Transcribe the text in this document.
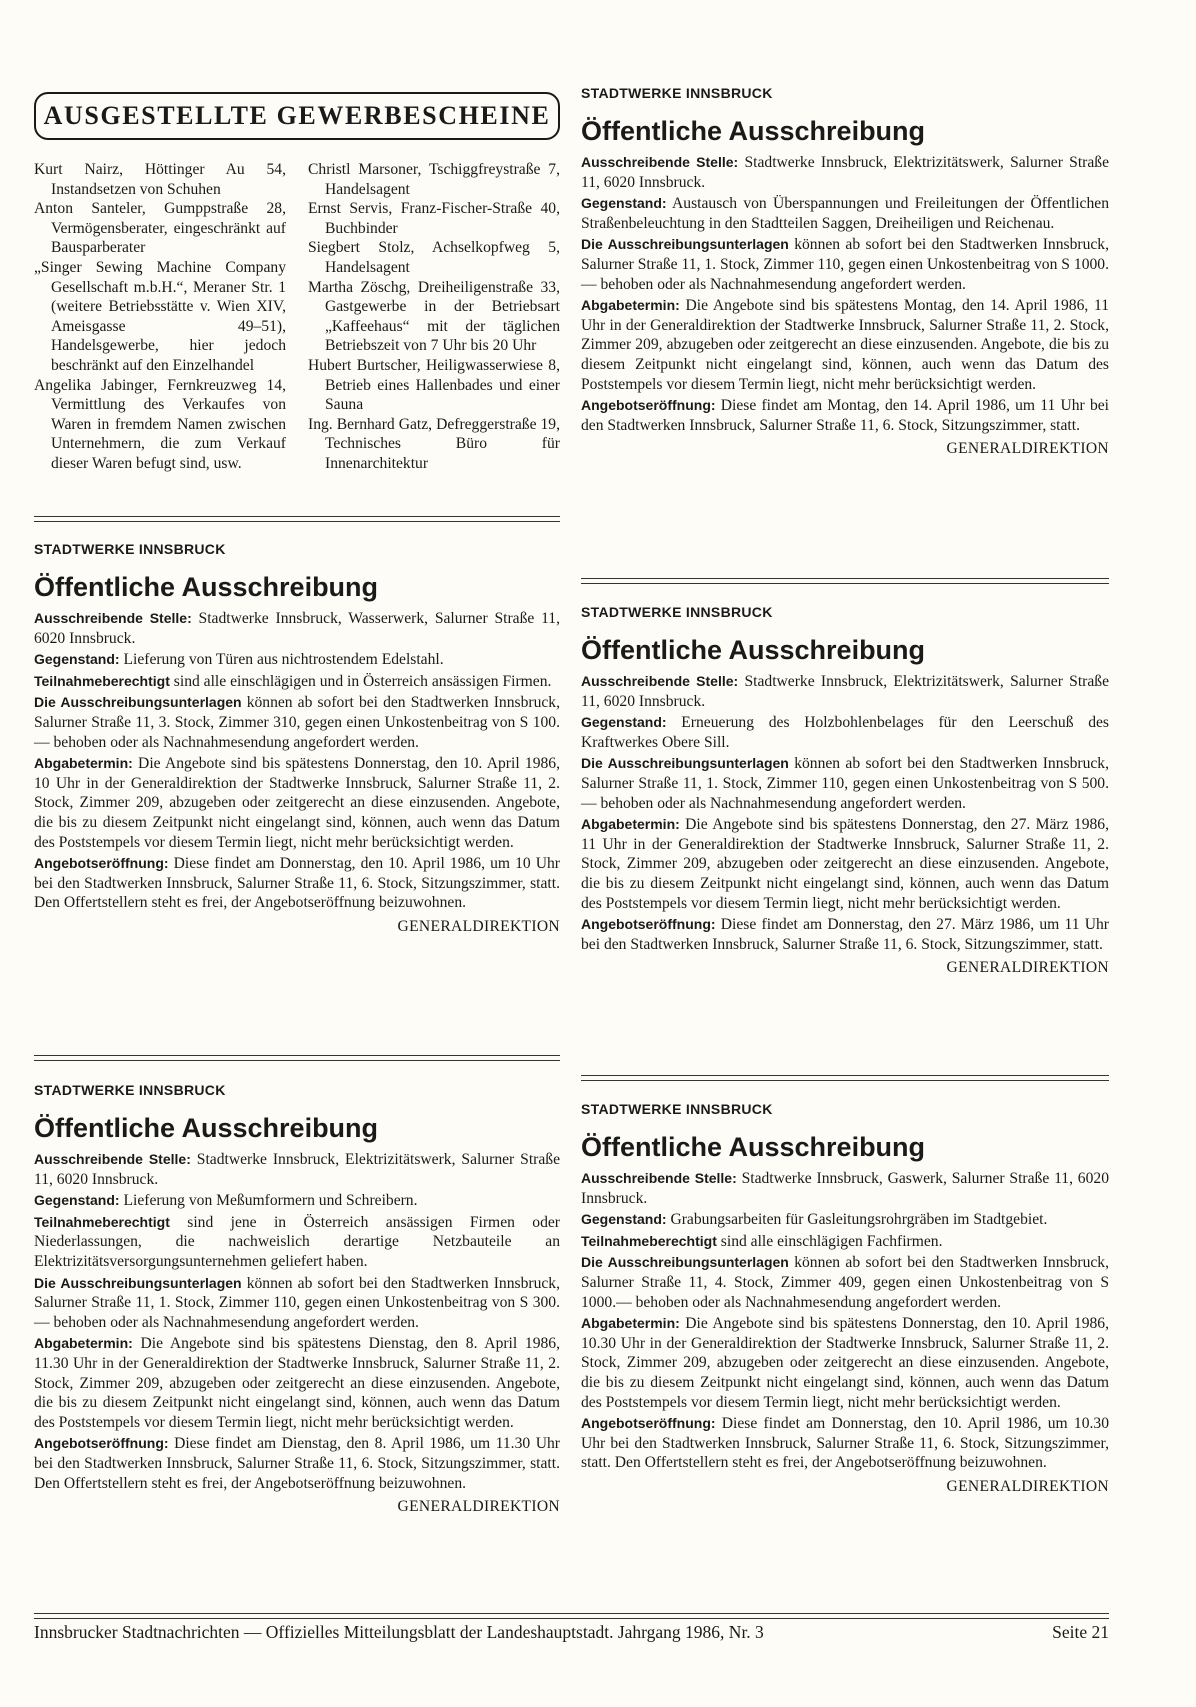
AUSGESTELLTE GEWERBESCHEINE
Kurt Nairz, Höttinger Au 54, Instandsetzen von Schuhen
Anton Santeler, Gumppstraße 28, Vermögensberater, eingeschränkt auf Bausparberater
„Singer Sewing Machine Company Gesellschaft m.b.H.“, Meraner Str. 1 (weitere Betriebsstätte v. Wien XIV, Ameisgasse 49–51), Handelsgewerbe, hier jedoch beschränkt auf den Einzelhandel
Angelika Jabinger, Fernkreuzweg 14, Vermittlung des Verkaufes von Waren in fremdem Namen zwischen Unternehmern, die zum Verkauf dieser Waren befugt sind, usw.
Christl Marsoner, Tschiggfreystraße 7, Handelsagent
Ernst Servis, Franz-Fischer-Straße 40, Buchbinder
Siegbert Stolz, Achselkopfweg 5, Handelsagent
Martha Zöschg, Dreiheiligenstraße 33, Gastgewerbe in der Betriebsart „Kaffeehaus“ mit der täglichen Betriebszeit von 7 Uhr bis 20 Uhr
Hubert Burtscher, Heiligwasserwiese 8, Betrieb eines Hallenbades und einer Sauna
Ing. Bernhard Gatz, Defreggerstraße 19, Technisches Büro für Innenarchitektur
STADTWERKE INNSBRUCK
Öffentliche Ausschreibung

Ausschreibende Stelle: Stadtwerke Innsbruck, Wasserwerk, Salurner Straße 11, 6020 Innsbruck.

Gegenstand: Lieferung von Türen aus nichtrostendem Edelstahl.

Teilnahmeberechtigt sind alle einschlägigen und in Österreich ansässigen Firmen.

Die Ausschreibungsunterlagen können ab sofort bei den Stadtwerken Innsbruck, Salurner Straße 11, 3. Stock, Zimmer 310, gegen einen Unkostenbeitrag von S 100.— behoben oder als Nachnahmesendung angefordert werden.

Abgabetermin: Die Angebote sind bis spätestens Donnerstag, den 10. April 1986, 10 Uhr in der Generaldirektion der Stadtwerke Innsbruck, Salurner Straße 11, 2. Stock, Zimmer 209, abzugeben oder zeitgerecht an diese einzusenden. Angebote, die bis zu diesem Zeitpunkt nicht eingelangt sind, können, auch wenn das Datum des Poststempels vor diesem Termin liegt, nicht mehr berücksichtigt werden.

Angebotseröffnung: Diese findet am Donnerstag, den 10. April 1986, um 10 Uhr bei den Stadtwerken Innsbruck, Salurner Straße 11, 6. Stock, Sitzungszimmer, statt. Den Offertstellern steht es frei, der Angebotseröffnung beizuwohnen.

GENERALDIREKTION
STADTWERKE INNSBRUCK
Öffentliche Ausschreibung

Ausschreibende Stelle: Stadtwerke Innsbruck, Elektrizitätswerk, Salurner Straße 11, 6020 Innsbruck.

Gegenstand: Lieferung von Meßumformern und Schreibern.

Teilnahmeberechtigt sind jene in Österreich ansässigen Firmen oder Niederlassungen, die nachweislich derartige Netzbauteile an Elektrizitätsversorgungsunternehmen geliefert haben.

Die Ausschreibungsunterlagen können ab sofort bei den Stadtwerken Innsbruck, Salurner Straße 11, 1. Stock, Zimmer 110, gegen einen Unkostenbeitrag von S 300.— behoben oder als Nachnahmesendung angefordert werden.

Abgabetermin: Die Angebote sind bis spätestens Dienstag, den 8. April 1986, 11.30 Uhr in der Generaldirektion der Stadtwerke Innsbruck, Salurner Straße 11, 2. Stock, Zimmer 209, abzugeben oder zeitgerecht an diese einzusenden. Angebote, die bis zu diesem Zeitpunkt nicht eingelangt sind, können, auch wenn das Datum des Poststempels vor diesem Termin liegt, nicht mehr berücksichtigt werden.

Angebotseröffnung: Diese findet am Dienstag, den 8. April 1986, um 11.30 Uhr bei den Stadtwerken Innsbruck, Salurner Straße 11, 6. Stock, Sitzungszimmer, statt. Den Offertstellern steht es frei, der Angebotseröffnung beizuwohnen.

GENERALDIREKTION
STADTWERKE INNSBRUCK
Öffentliche Ausschreibung

Ausschreibende Stelle: Stadtwerke Innsbruck, Elektrizitätswerk, Salurner Straße 11, 6020 Innsbruck.

Gegenstand: Austausch von Überspannungen und Freileitungen der Öffentlichen Straßenbeleuchtung in den Stadtteilen Saggen, Dreiheiligen und Reichenau.

Die Ausschreibungsunterlagen können ab sofort bei den Stadtwerken Innsbruck, Salurner Straße 11, 1. Stock, Zimmer 110, gegen einen Unkostenbeitrag von S 1000.— behoben oder als Nachnahmesendung angefordert werden.

Abgabetermin: Die Angebote sind bis spätestens Montag, den 14. April 1986, 11 Uhr in der Generaldirektion der Stadtwerke Innsbruck, Salurner Straße 11, 2. Stock, Zimmer 209, abzugeben oder zeitgerecht an diese einzusenden. Angebote, die bis zu diesem Zeitpunkt nicht eingelangt sind, können, auch wenn das Datum des Poststempels vor diesem Termin liegt, nicht mehr berücksichtigt werden.

Angebotseröffnung: Diese findet am Montag, den 14. April 1986, um 11 Uhr bei den Stadtwerken Innsbruck, Salurner Straße 11, 6. Stock, Sitzungszimmer, statt.

GENERALDIREKTION
STADTWERKE INNSBRUCK
Öffentliche Ausschreibung

Ausschreibende Stelle: Stadtwerke Innsbruck, Elektrizitätswerk, Salurner Straße 11, 6020 Innsbruck.

Gegenstand: Erneuerung des Holzbohlenbelages für den Leerschuß des Kraftwerkes Obere Sill.

Die Ausschreibungsunterlagen können ab sofort bei den Stadtwerken Innsbruck, Salurner Straße 11, 1. Stock, Zimmer 110, gegen einen Unkostenbeitrag von S 500.— behoben oder als Nachnahmesendung angefordert werden.

Abgabetermin: Die Angebote sind bis spätestens Donnerstag, den 27. März 1986, 11 Uhr in der Generaldirektion der Stadtwerke Innsbruck, Salurner Straße 11, 2. Stock, Zimmer 209, abzugeben oder zeitgerecht an diese einzusenden. Angebote, die bis zu diesem Zeitpunkt nicht eingelangt sind, können, auch wenn das Datum des Poststempels vor diesem Termin liegt, nicht mehr berücksichtigt werden.

Angebotseröffnung: Diese findet am Donnerstag, den 27. März 1986, um 11 Uhr bei den Stadtwerken Innsbruck, Salurner Straße 11, 6. Stock, Sitzungszimmer, statt.

GENERALDIREKTION
STADTWERKE INNSBRUCK
Öffentliche Ausschreibung

Ausschreibende Stelle: Stadtwerke Innsbruck, Gaswerk, Salurner Straße 11, 6020 Innsbruck.

Gegenstand: Grabungsarbeiten für Gasleitungsrohrgräben im Stadtgebiet.

Teilnahmeberechtigt sind alle einschlägigen Fachfirmen.

Die Ausschreibungsunterlagen können ab sofort bei den Stadtwerken Innsbruck, Salurner Straße 11, 4. Stock, Zimmer 409, gegen einen Unkostenbeitrag von S 1000.— behoben oder als Nachnahmesendung angefordert werden.

Abgabetermin: Die Angebote sind bis spätestens Donnerstag, den 10. April 1986, 10.30 Uhr in der Generaldirektion der Stadtwerke Innsbruck, Salurner Straße 11, 2. Stock, Zimmer 209, abzugeben oder zeitgerecht an diese einzusenden. Angebote, die bis zu diesem Zeitpunkt nicht eingelangt sind, können, auch wenn das Datum des Poststempels vor diesem Termin liegt, nicht mehr berücksichtigt werden.

Angebotseröffnung: Diese findet am Donnerstag, den 10. April 1986, um 10.30 Uhr bei den Stadtwerken Innsbruck, Salurner Straße 11, 6. Stock, Sitzungszimmer, statt. Den Offertstellern steht es frei, der Angebotseröffnung beizuwohnen.

GENERALDIREKTION
Innsbrucker Stadtnachrichten — Offizielles Mitteilungsblatt der Landeshauptstadt. Jahrgang 1986, Nr. 3	Seite 21
